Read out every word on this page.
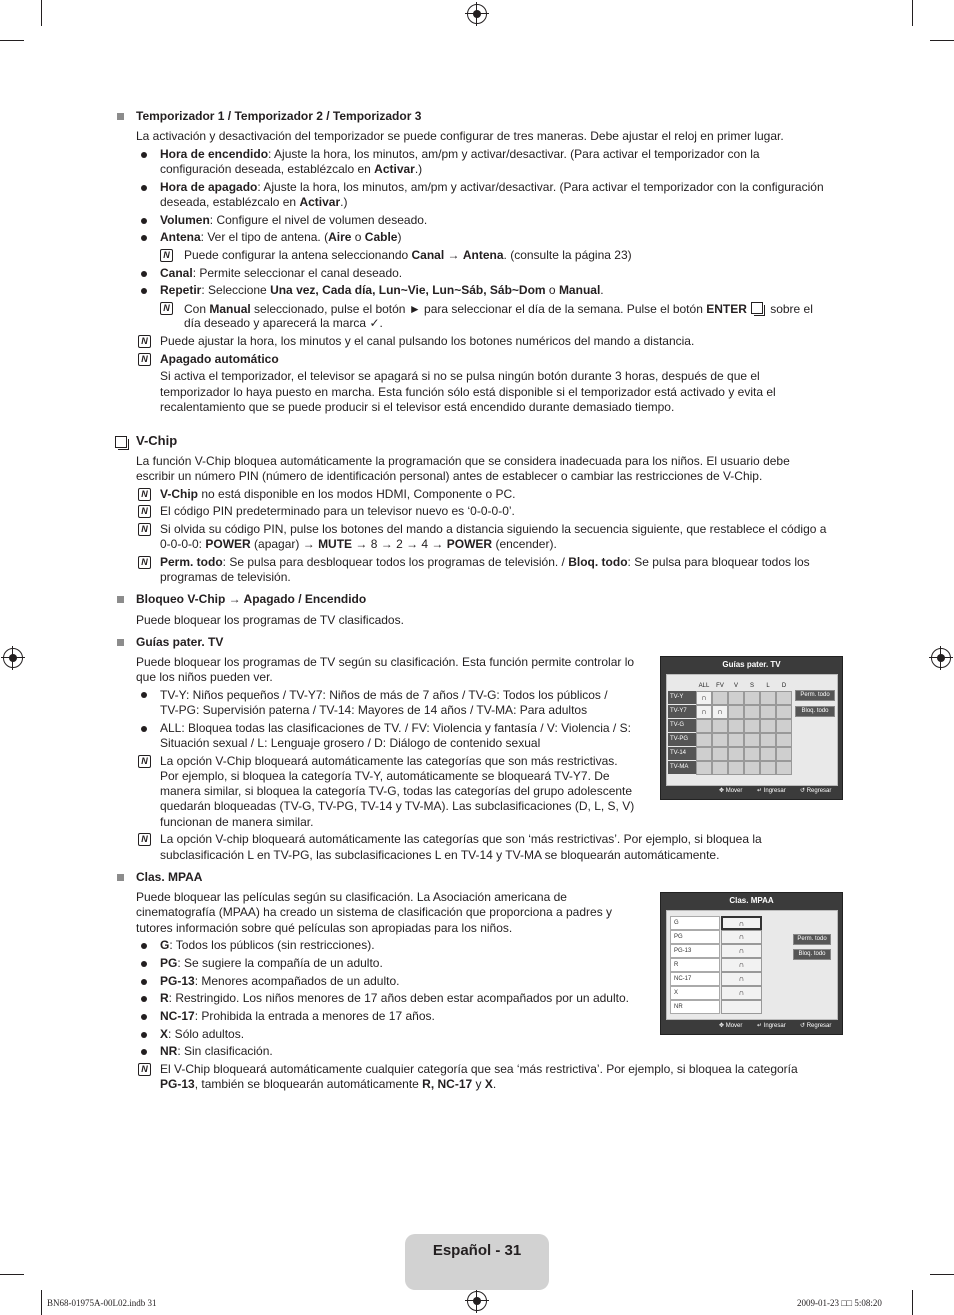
Temporizador 1 / Temporizador 2 / Temporizador 3
La activación y desactivación del temporizador se puede configurar de tres maneras. Debe ajustar el reloj en primer lugar.
Hora de encendido: Ajuste la hora, los minutos, am/pm y activar/desactivar. (Para activar el temporizador con la
configuración deseada, establézcalo en Activar.)
Hora de apagado: Ajuste la hora, los minutos, am/pm y activar/desactivar. (Para activar el temporizador con la configuración
deseada, establézcalo en Activar.)
Volumen: Configure el nivel de volumen deseado.
Antena: Ver el tipo de antena. (Aire o Cable)
N Puede configurar la antena seleccionando Canal → Antena. (consulte la página 23)
Canal: Permite seleccionar el canal deseado.
Repetir: Seleccione Una vez, Cada día, Lun~Vie, Lun~Sáb, Sáb~Dom o Manual.
N Con Manual seleccionado, pulse el botón ► para seleccionar el día de la semana. Pulse el botón ENTER sobre el
día deseado y aparecerá la marca ✓.
N Puede ajustar la hora, los minutos y el canal pulsando los botones numéricos del mando a distancia.
N Apagado automático
Si activa el temporizador, el televisor se apagará si no se pulsa ningún botón durante 3 horas, después de que el
temporizador lo haya puesto en marcha. Esta función sólo está disponible si el temporizador está activado y evita el
recalentamiento que se puede producir si el televisor está encendido durante demasiado tiempo.
V-Chip
La función V-Chip bloquea automáticamente la programación que se considera inadecuada para los niños. El usuario debe
escribir un número PIN (número de identificación personal) antes de establecer o cambiar las restricciones de V-Chip.
N V-Chip no está disponible en los modos HDMI, Componente o PC.
N El código PIN predeterminado para un televisor nuevo es ‘0-0-0-0’.
N Si olvida su código PIN, pulse los botones del mando a distancia siguiendo la secuencia siguiente, que restablece el código a
0-0-0-0: POWER (apagar) → MUTE → 8 → 2 → 4 → POWER (encender).
N Perm. todo: Se pulsa para desbloquear todos los programas de televisión. / Bloq. todo: Se pulsa para bloquear todos los
programas de televisión.
Bloqueo V-Chip → Apagado / Encendido
Puede bloquear los programas de TV clasificados.
Guías pater. TV
Puede bloquear los programas de TV según su clasificación. Esta función permite controlar lo
que los niños pueden ver.
TV-Y: Niños pequeños / TV-Y7: Niños de más de 7 años / TV-G: Todos los públicos /
TV-PG: Supervisión paterna / TV-14: Mayores de 14 años / TV-MA: Para adultos
ALL: Bloquea todas las clasificaciones de TV. / FV: Violencia y fantasía / V: Violencia / S:
Situación sexual / L: Lenguaje grosero / D: Diálogo de contenido sexual
N La opción V-Chip bloqueará automáticamente las categorías que son más restrictivas.
Por ejemplo, si bloquea la categoría TV-Y, automáticamente se bloqueará TV-Y7. De
manera similar, si bloquea la categoría TV-G, todas las categorías del grupo adolescente
quedarán bloqueadas (TV-G, TV-PG, TV-14 y TV-MA). Las subclasificaciones (D, L, S, V)
funcionan de manera similar.
N La opción V-chip bloqueará automáticamente las categorías que son ‘más restrictivas’. Por ejemplo, si bloquea la
subclasificación L en TV-PG, las subclasificaciones L en TV-14 y TV-MA se bloquearán automáticamente.
Guías pater. TV
ALL	FV	V	S	L	D
TV-Y	∩
TV-Y7	∩	∩
TV-G
TV-PG
TV-14
TV-MA
Perm. todo
Bloq. todo
✥ Mover ↵ Ingresar ↺ Regresar
Clas. MPAA
Puede bloquear las películas según su clasificación. La Asociación americana de
cinematografía (MPAA) ha creado un sistema de clasificación que proporciona a padres y
tutores información sobre qué películas son apropiadas para los niños.
G: Todos los públicos (sin restricciones).
PG: Se sugiere la compañía de un adulto.
PG-13: Menores acompañados de un adulto.
R: Restringido. Los niños menores de 17 años deben estar acompañados por un adulto.
NC-17: Prohibida la entrada a menores de 17 años.
X: Sólo adultos.
NR: Sin clasificación.
N El V-Chip bloqueará automáticamente cualquier categoría que sea ‘más restrictiva’. Por ejemplo, si bloquea la categoría
PG-13, también se bloquearán automáticamente R, NC-17 y X.
Clas. MPAA
G	∩
PG	∩
PG-13	∩
R	∩
NC-17	∩
X	∩
NR
Perm. todo
Bloq. todo
✥ Mover ↵ Ingresar ↺ Regresar
Español - 31
BN68-01975A-00L02.indb 31	2009-01-23 □□ 5:08:20
